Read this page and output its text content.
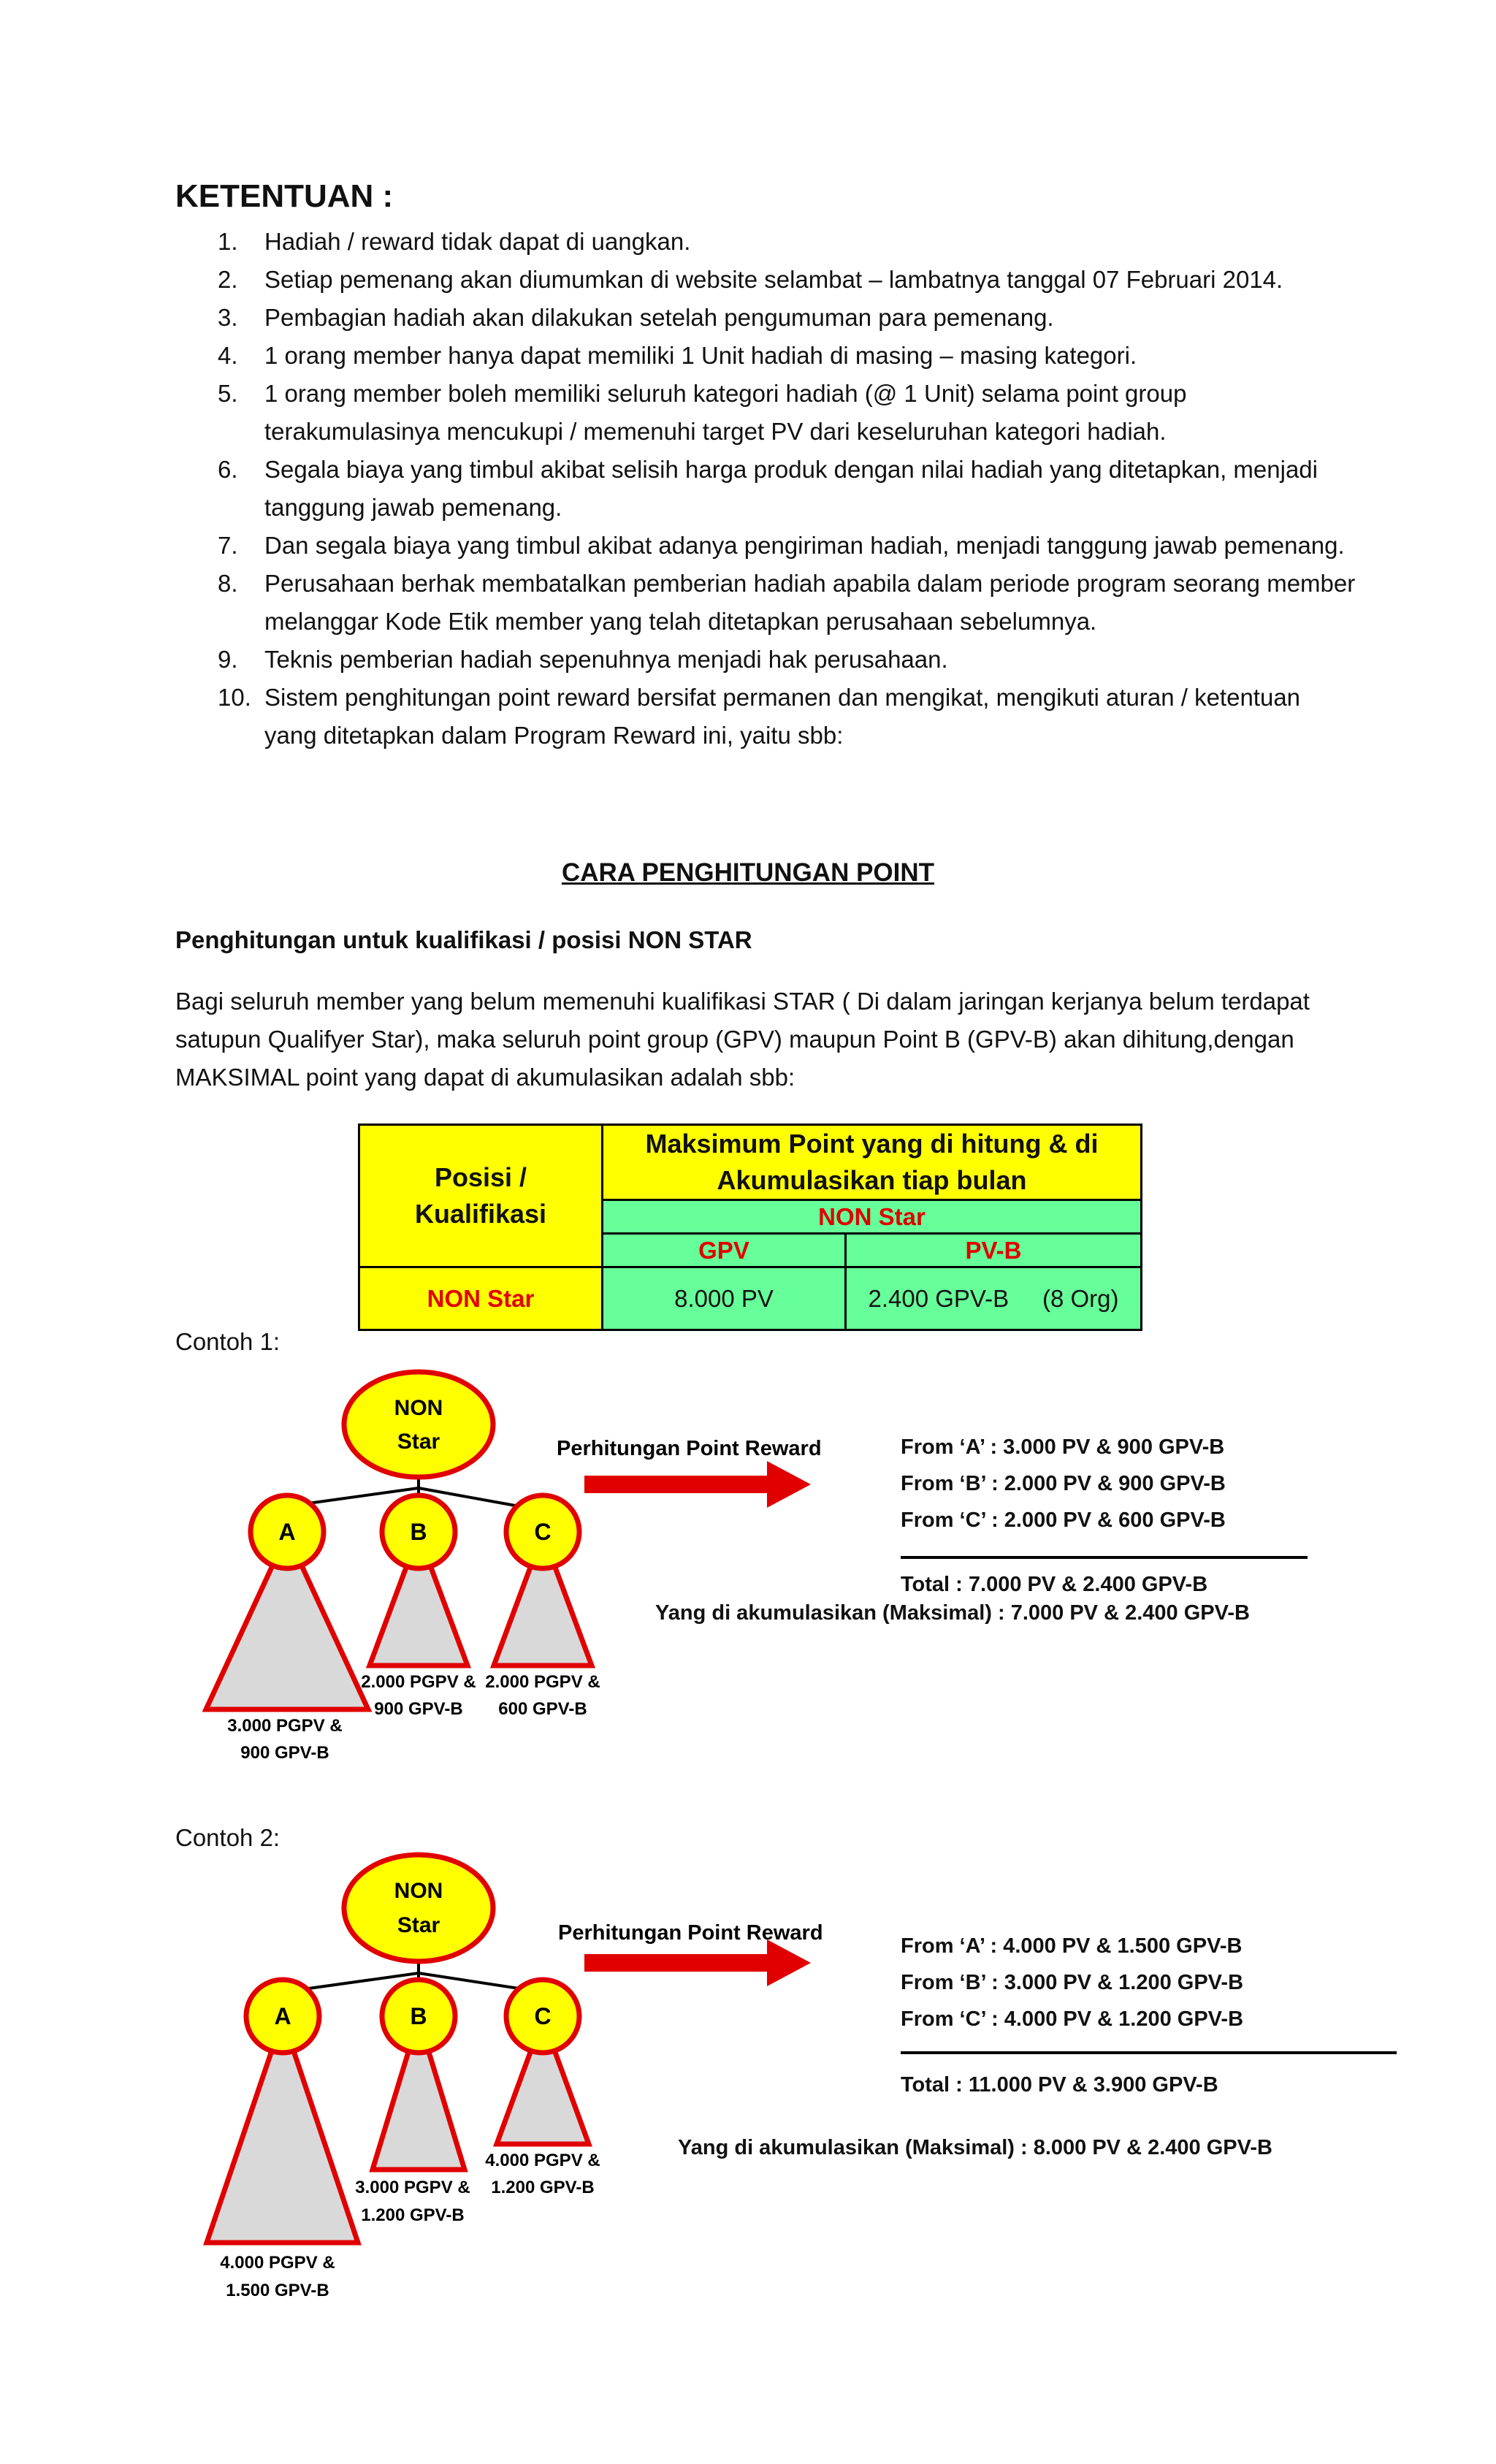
KETENTUAN :
1.	Hadiah / reward tidak dapat di uangkan.
2.	Setiap pemenang akan diumumkan di website selambat – lambatnya tanggal 07 Februari 2014.
3.	Pembagian hadiah akan dilakukan setelah pengumuman para pemenang.
4.	1 orang member hanya dapat memiliki 1 Unit hadiah di masing – masing kategori.
5.	1 orang member boleh memiliki seluruh kategori hadiah (@ 1 Unit) selama point group terakumulasinya mencukupi / memenuhi target PV dari keseluruhan kategori hadiah.
6.	Segala biaya yang timbul akibat selisih harga produk dengan nilai hadiah yang ditetapkan, menjadi tanggung jawab pemenang.
7.	Dan segala biaya yang timbul akibat adanya pengiriman hadiah, menjadi tanggung jawab pemenang.
8.	Perusahaan berhak membatalkan pemberian hadiah apabila dalam periode program seorang member melanggar Kode Etik member yang telah ditetapkan perusahaan sebelumnya.
9.	Teknis pemberian hadiah sepenuhnya menjadi hak perusahaan.
10. Sistem penghitungan point reward bersifat permanen dan mengikat, mengikuti aturan / ketentuan yang ditetapkan dalam Program Reward ini, yaitu sbb:
CARA PENGHITUNGAN POINT
Penghitungan untuk kualifikasi / posisi NON STAR
Bagi seluruh member yang belum memenuhi kualifikasi STAR ( Di dalam jaringan kerjanya belum terdapat satupun Qualifyer Star), maka seluruh point group (GPV) maupun Point B (GPV-B) akan dihitung,dengan MAKSIMAL point yang dapat di akumulasikan adalah sbb:
Posisi /
Kualifikasi	Maksimum Point yang di hitung & di
Akumulasikan tiap bulan	
	NON Star	
	GPV	PV-B
NON Star	8.000 PV	2.400 GPV-B (8 Org)
Contoh 1:
NON
Star
A	B	C
3.000 PGPV &
900 GPV-B
2.000 PGPV &
900 GPV-B
2.000 PGPV &
600 GPV-B
Perhitungan Point Reward	From ‘A’ : 3.000 PV & 900 GPV-B
From ‘B’ : 2.000 PV & 900 GPV-B
From ‘C’ : 2.000 PV & 600 GPV-B
Total : 7.000 PV & 2.400 GPV-B
Yang di akumulasikan (Maksimal) : 7.000 PV & 2.400 GPV-B
Contoh 2:
NON
Star
A	B	C
4.000 PGPV &
1.500 GPV-B
3.000 PGPV &
1.200 GPV-B
4.000 PGPV &
1.200 GPV-B
Perhitungan Point Reward
From ‘A’ : 4.000 PV & 1.500 GPV-B
From ‘B’ : 3.000 PV & 1.200 GPV-B
From ‘C’ : 4.000 PV & 1.200 GPV-B
Total : 11.000 PV & 3.900 GPV-B
Yang di akumulasikan (Maksimal) : 8.000 PV & 2.400 GPV-B
